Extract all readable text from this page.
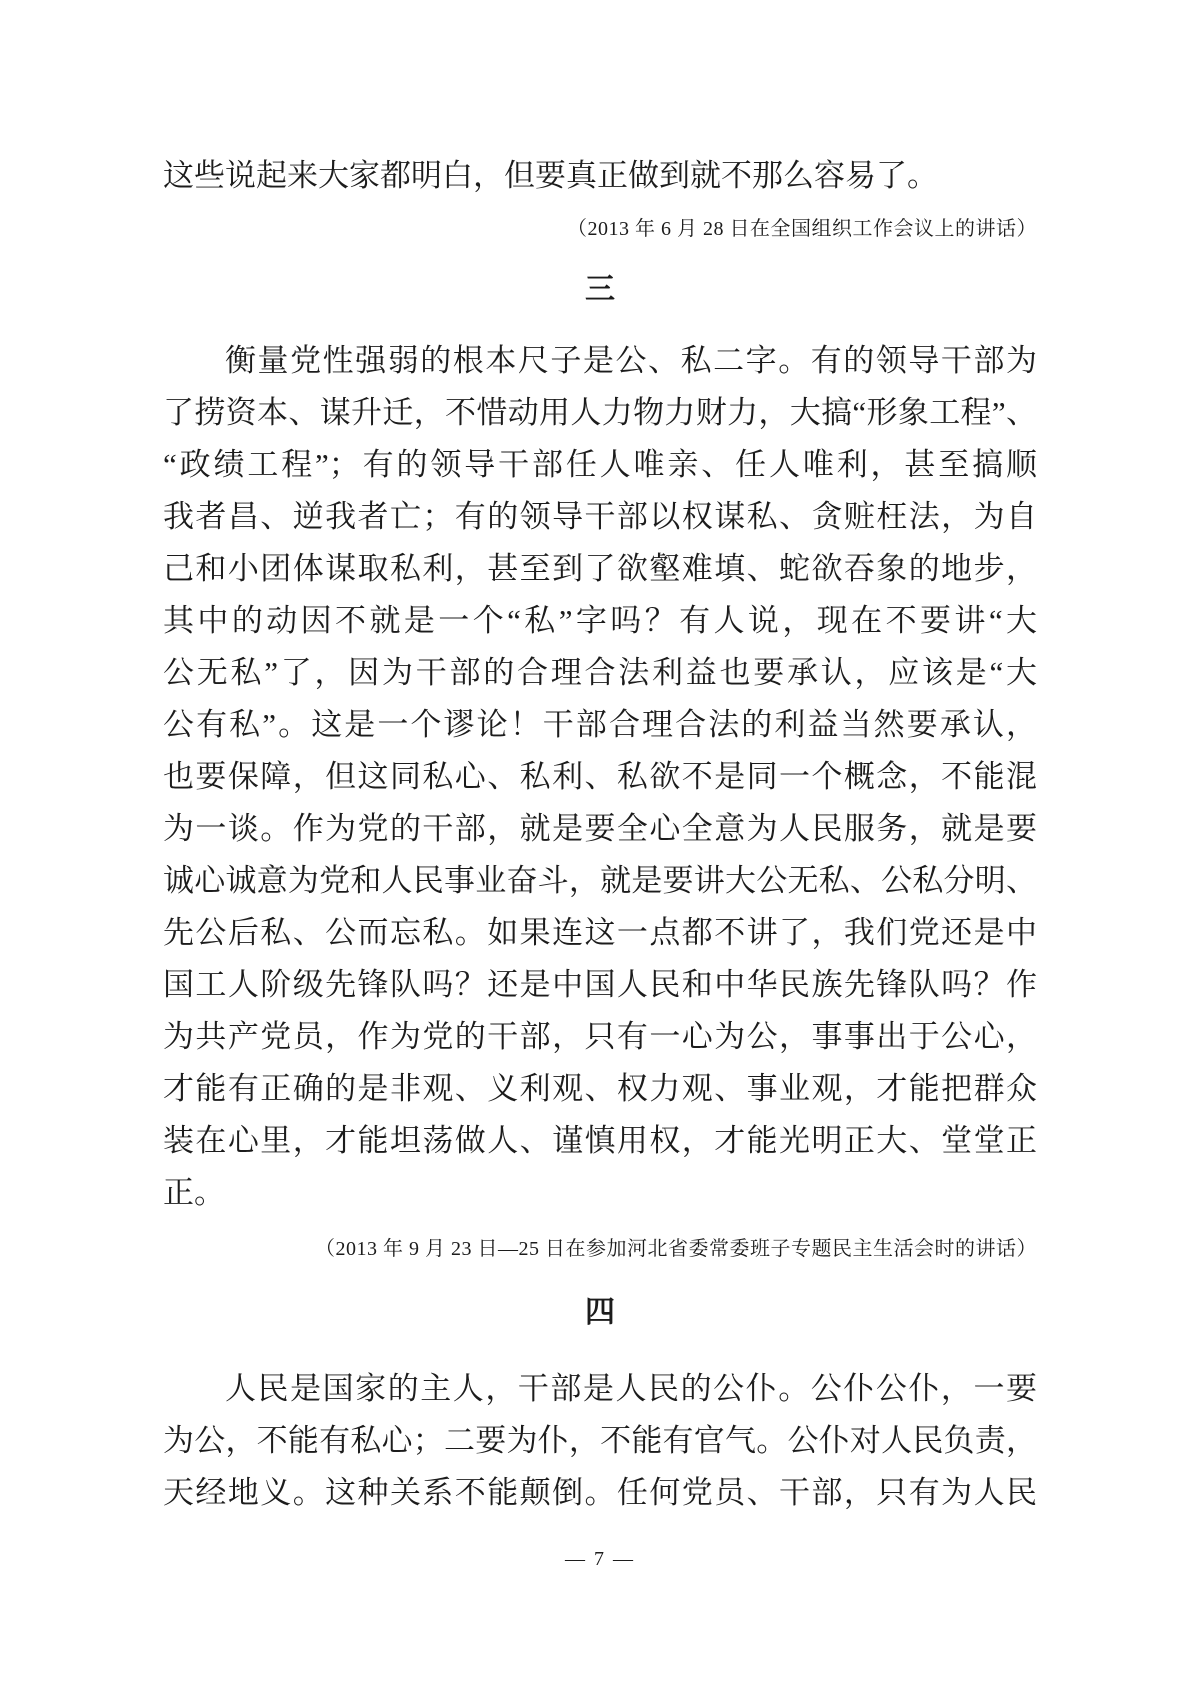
这些说起来大家都明白，但要真正做到就不那么容易了。
（2013 年 6 月 28 日在全国组织工作会议上的讲话）
三
衡量党性强弱的根本尺子是公、私二字。有的领导干部为
了捞资本、谋升迁，不惜动用人力物力财力，大搞“形象工程”、
“政绩工程”；有的领导干部任人唯亲、任人唯利，甚至搞顺
我者昌、逆我者亡；有的领导干部以权谋私、贪赃枉法，为自
己和小团体谋取私利，甚至到了欲壑难填、蛇欲吞象的地步，
其中的动因不就是一个“私”字吗？有人说，现在不要讲“大
公无私”了，因为干部的合理合法利益也要承认，应该是“大
公有私”。这是一个谬论！干部合理合法的利益当然要承认，
也要保障，但这同私心、私利、私欲不是同一个概念，不能混
为一谈。作为党的干部，就是要全心全意为人民服务，就是要
诚心诚意为党和人民事业奋斗，就是要讲大公无私、公私分明、
先公后私、公而忘私。如果连这一点都不讲了，我们党还是中
国工人阶级先锋队吗？还是中国人民和中华民族先锋队吗？作
为共产党员，作为党的干部，只有一心为公，事事出于公心，
才能有正确的是非观、义利观、权力观、事业观，才能把群众
装在心里，才能坦荡做人、谨慎用权，才能光明正大、堂堂正
正。
（2013 年 9 月 23 日—25 日在参加河北省委常委班子专题民主生活会时的讲话）
四
人民是国家的主人，干部是人民的公仆。公仆公仆，一要
为公，不能有私心；二要为仆，不能有官气。公仆对人民负责，
天经地义。这种关系不能颠倒。任何党员、干部，只有为人民
— 7 —
